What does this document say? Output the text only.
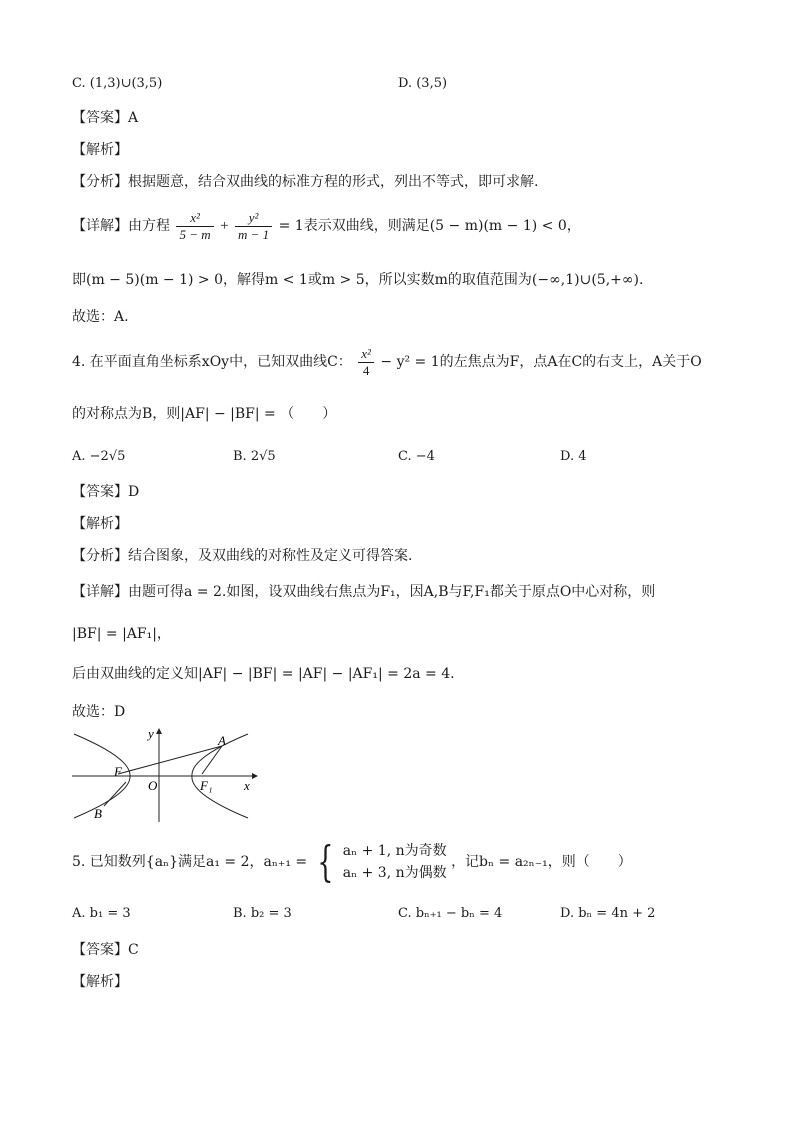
C. (1,3)∪(3,5)	D. (3,5)
【答案】A
【解析】
【分析】根据题意，结合双曲线的标准方程的形式，列出不等式，即可求解.
【详解】由方程 $\frac{\text{x²}}{5 - m} + \frac{\text{y²}}{m - 1} = 1$表示双曲线，则满足(5 − m)(m − 1) < 0，
即(m − 5)(m − 1) > 0，解得m < 1或m > 5，所以实数m的取值范围为(−∞,1)∪(5,+∞).
故选：A.
4. 在平面直角坐标系xOy中，已知双曲线C： $\frac{\text{x²}}{4} - y^2 = 1$的左焦点为F，点A在C的右支上，A关于O
的对称点为B，则|AF| − |BF| = （　　）
A. −2√5	B. 2√5	C. −4	D. 4
【答案】D
【解析】
【分析】结合图象，及双曲线的对称性及定义可得答案.
【详解】由题可得a = 2.如图，设双曲线右焦点为F₁，因A,B与F,F₁都关于原点O中心对称，则
|BF| = |AF₁|，
后由双曲线的定义知|AF| − |BF| = |AF| − |AF₁| = 2a = 4.
故选：D
y
x
A
F
O	F₁
B
5. 已知数列{aₙ}满足a₁ = 2，aₙ₊₁ = { aₙ + 1, n为奇数
aₙ + 3, n为偶数
，记bₙ = a₂ₙ₋₁，则（　　）
A. b₁ = 3	B. b₂ = 3	C. bₙ₊₁ − bₙ = 4	D. bₙ = 4n + 2
【答案】C
【解析】
